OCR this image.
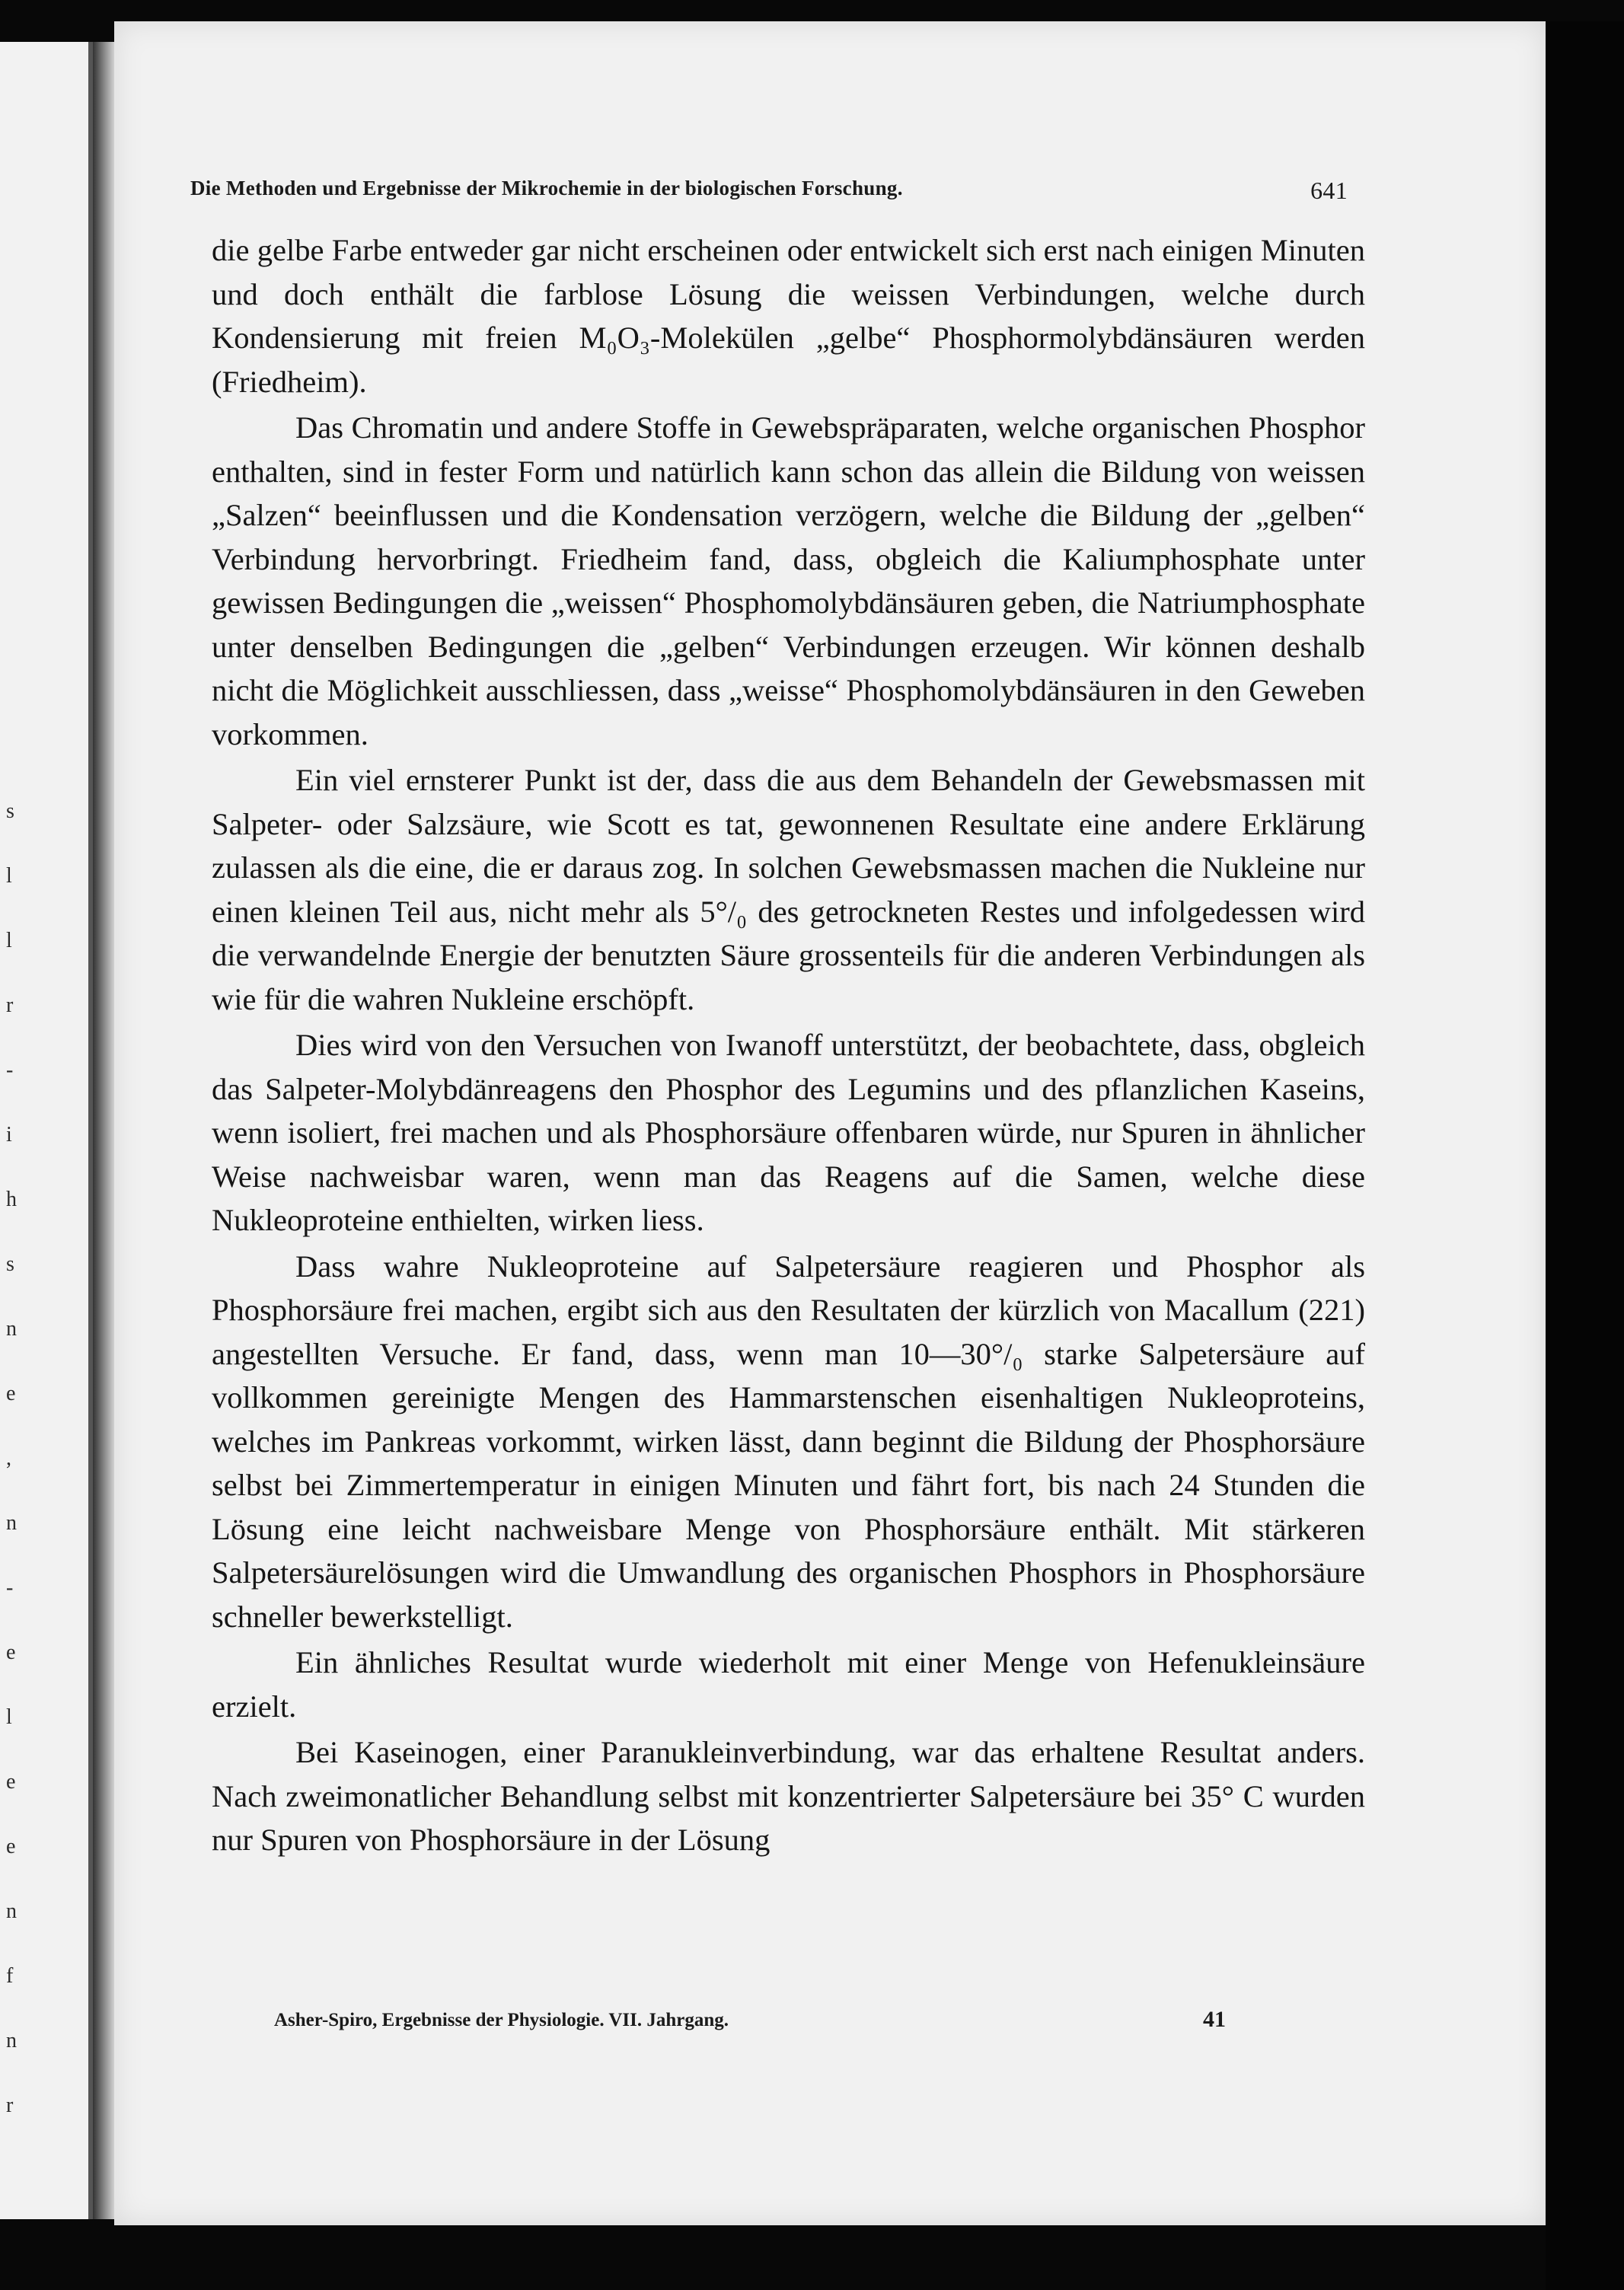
Die Methoden und Ergebnisse der Mikrochemie in der biologischen Forschung.	641

die gelbe Farbe entweder gar nicht erscheinen oder entwickelt sich erst nach einigen Minuten und doch enthält die farblose Lösung die weissen Verbindungen, welche durch Kondensierung mit freien M₀O₃-Molekülen „gelbe“ Phosphormolybdänsäuren werden (Friedheim).

Das Chromatin und andere Stoffe in Gewebspräparaten, welche organischen Phosphor enthalten, sind in fester Form und natürlich kann schon das allein die Bildung von weissen „Salzen“ beeinflussen und die Kondensation verzögern, welche die Bildung der „gelben“ Verbindung hervorbringt. Friedheim fand, dass, obgleich die Kaliumphosphate unter gewissen Bedingungen die „weissen“ Phosphomolybdänsäuren geben, die Natriumphosphate unter denselben Bedingungen die „gelben“ Verbindungen erzeugen. Wir können deshalb nicht die Möglichkeit ausschliessen, dass „weisse“ Phosphomolybdänsäuren in den Geweben vorkommen.

Ein viel ernsterer Punkt ist der, dass die aus dem Behandeln der Gewebsmassen mit Salpeter- oder Salzsäure, wie Scott es tat, gewonnenen Resultate eine andere Erklärung zulassen als die eine, die er daraus zog. In solchen Gewebsmassen machen die Nukleine nur einen kleinen Teil aus, nicht mehr als 5°/₀ des getrockneten Restes und infolgedessen wird die verwandelnde Energie der benutzten Säure grossenteils für die anderen Verbindungen als wie für die wahren Nukleine erschöpft.

Dies wird von den Versuchen von Iwanoff unterstützt, der beobachtete, dass, obgleich das Salpeter-Molybdänreagens den Phosphor des Legumins und des pflanzlichen Kaseins, wenn isoliert, frei machen und als Phosphorsäure offenbaren würde, nur Spuren in ähnlicher Weise nachweisbar waren, wenn man das Reagens auf die Samen, welche diese Nukleoproteine enthielten, wirken liess.

Dass wahre Nukleoproteine auf Salpetersäure reagieren und Phosphor als Phosphorsäure frei machen, ergibt sich aus den Resultaten der kürzlich von Macallum (221) angestellten Versuche. Er fand, dass, wenn man 10—30°/₀ starke Salpetersäure auf vollkommen gereinigte Mengen des Hammarstenschen eisenhaltigen Nukleoproteins, welches im Pankreas vorkommt, wirken lässt, dann beginnt die Bildung der Phosphorsäure selbst bei Zimmertemperatur in einigen Minuten und fährt fort, bis nach 24 Stunden die Lösung eine leicht nachweisbare Menge von Phosphorsäure enthält. Mit stärkeren Salpetersäurelösungen wird die Umwandlung des organischen Phosphors in Phosphorsäure schneller bewerkstelligt.

Ein ähnliches Resultat wurde wiederholt mit einer Menge von Hefenukleinsäure erzielt.

Bei Kaseinogen, einer Paranukleinverbindung, war das erhaltene Resultat anders. Nach zweimonatlicher Behandlung selbst mit konzentrierter Salpetersäure bei 35° C wurden nur Spuren von Phosphorsäure in der Lösung

Asher-Spiro, Ergebnisse der Physiologie. VII. Jahrgang.	41
s
l
l
r
-
i
h
s
n
e
,
n
-
e
l
e
e
n
f
n
r
